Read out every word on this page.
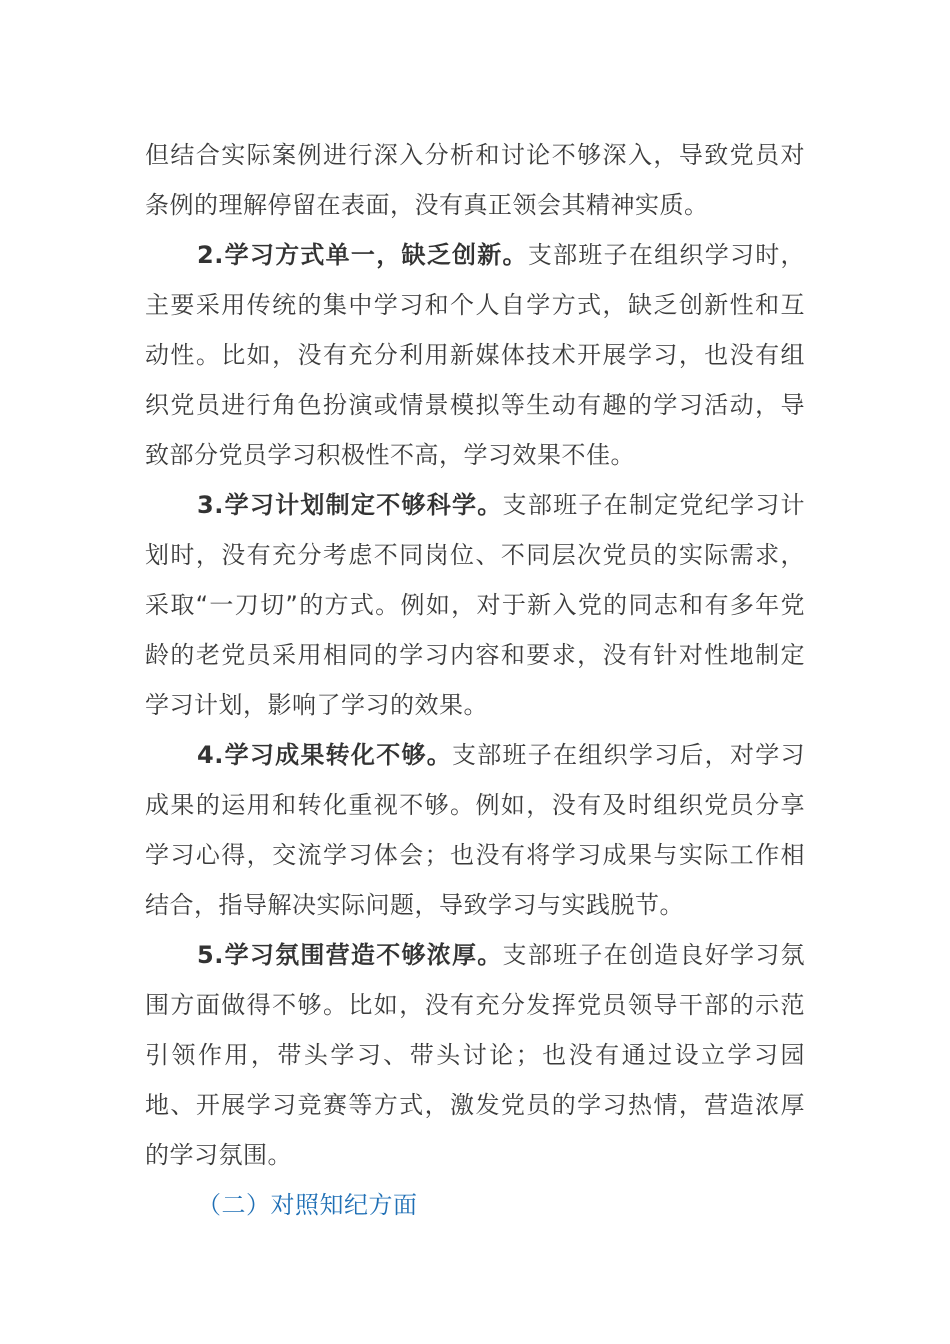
但结合实际案例进行深入分析和讨论不够深入，导致党员对条例的理解停留在表面，没有真正领会其精神实质。

2.学习方式单一，缺乏创新。支部班子在组织学习时，主要采用传统的集中学习和个人自学方式，缺乏创新性和互动性。比如，没有充分利用新媒体技术开展学习，也没有组织党员进行角色扮演或情景模拟等生动有趣的学习活动，导致部分党员学习积极性不高，学习效果不佳。

3.学习计划制定不够科学。支部班子在制定党纪学习计划时，没有充分考虑不同岗位、不同层次党员的实际需求，采取“一刀切”的方式。例如，对于新入党的同志和有多年党龄的老党员采用相同的学习内容和要求，没有针对性地制定学习计划，影响了学习的效果。

4.学习成果转化不够。支部班子在组织学习后，对学习成果的运用和转化重视不够。例如，没有及时组织党员分享学习心得，交流学习体会；也没有将学习成果与实际工作相结合，指导解决实际问题，导致学习与实践脱节。

5.学习氛围营造不够浓厚。支部班子在创造良好学习氛围方面做得不够。比如，没有充分发挥党员领导干部的示范引领作用，带头学习、带头讨论；也没有通过设立学习园地、开展学习竞赛等方式，激发党员的学习热情，营造浓厚的学习氛围。

（二）对照知纪方面
